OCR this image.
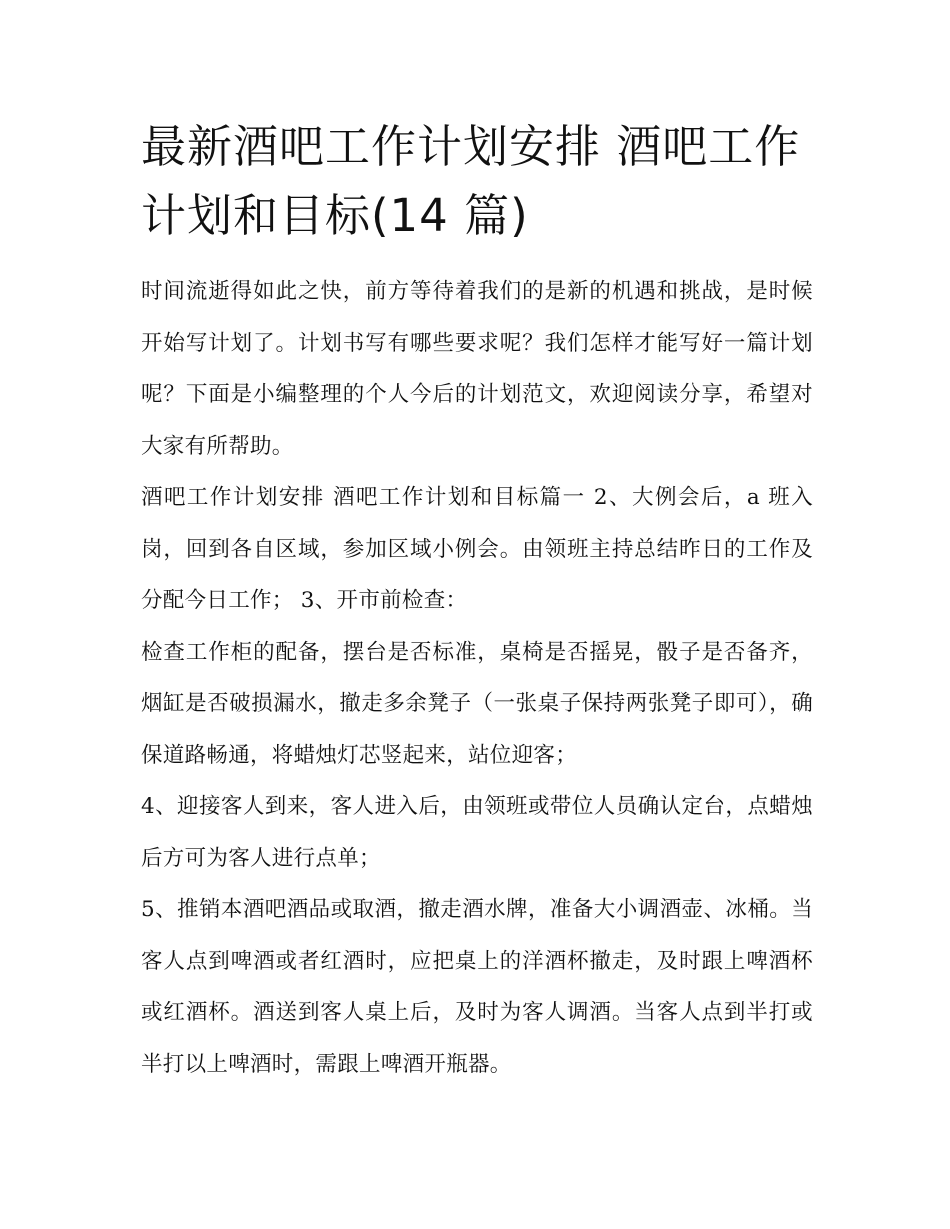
最新酒吧工作计划安排 酒吧工作计划和目标(14 篇)

时间流逝得如此之快，前方等待着我们的是新的机遇和挑战，是时候开始写计划了。计划书写有哪些要求呢？我们怎样才能写好一篇计划呢？下面是小编整理的个人今后的计划范文，欢迎阅读分享，希望对大家有所帮助。

酒吧工作计划安排 酒吧工作计划和目标篇一 2、大例会后，a 班入岗，回到各自区域，参加区域小例会。由领班主持总结昨日的工作及分配今日工作； 3、开市前检查：

检查工作柜的配备，摆台是否标准，桌椅是否摇晃，骰子是否备齐，烟缸是否破损漏水，撤走多余凳子（一张桌子保持两张凳子即可），确保道路畅通，将蜡烛灯芯竖起来，站位迎客；

4、迎接客人到来，客人进入后，由领班或带位人员确认定台，点蜡烛后方可为客人进行点单；

5、推销本酒吧酒品或取酒，撤走酒水牌，准备大小调酒壶、冰桶。当客人点到啤酒或者红酒时，应把桌上的洋酒杯撤走，及时跟上啤酒杯或红酒杯。酒送到客人桌上后，及时为客人调酒。当客人点到半打或半打以上啤酒时，需跟上啤酒开瓶器。
